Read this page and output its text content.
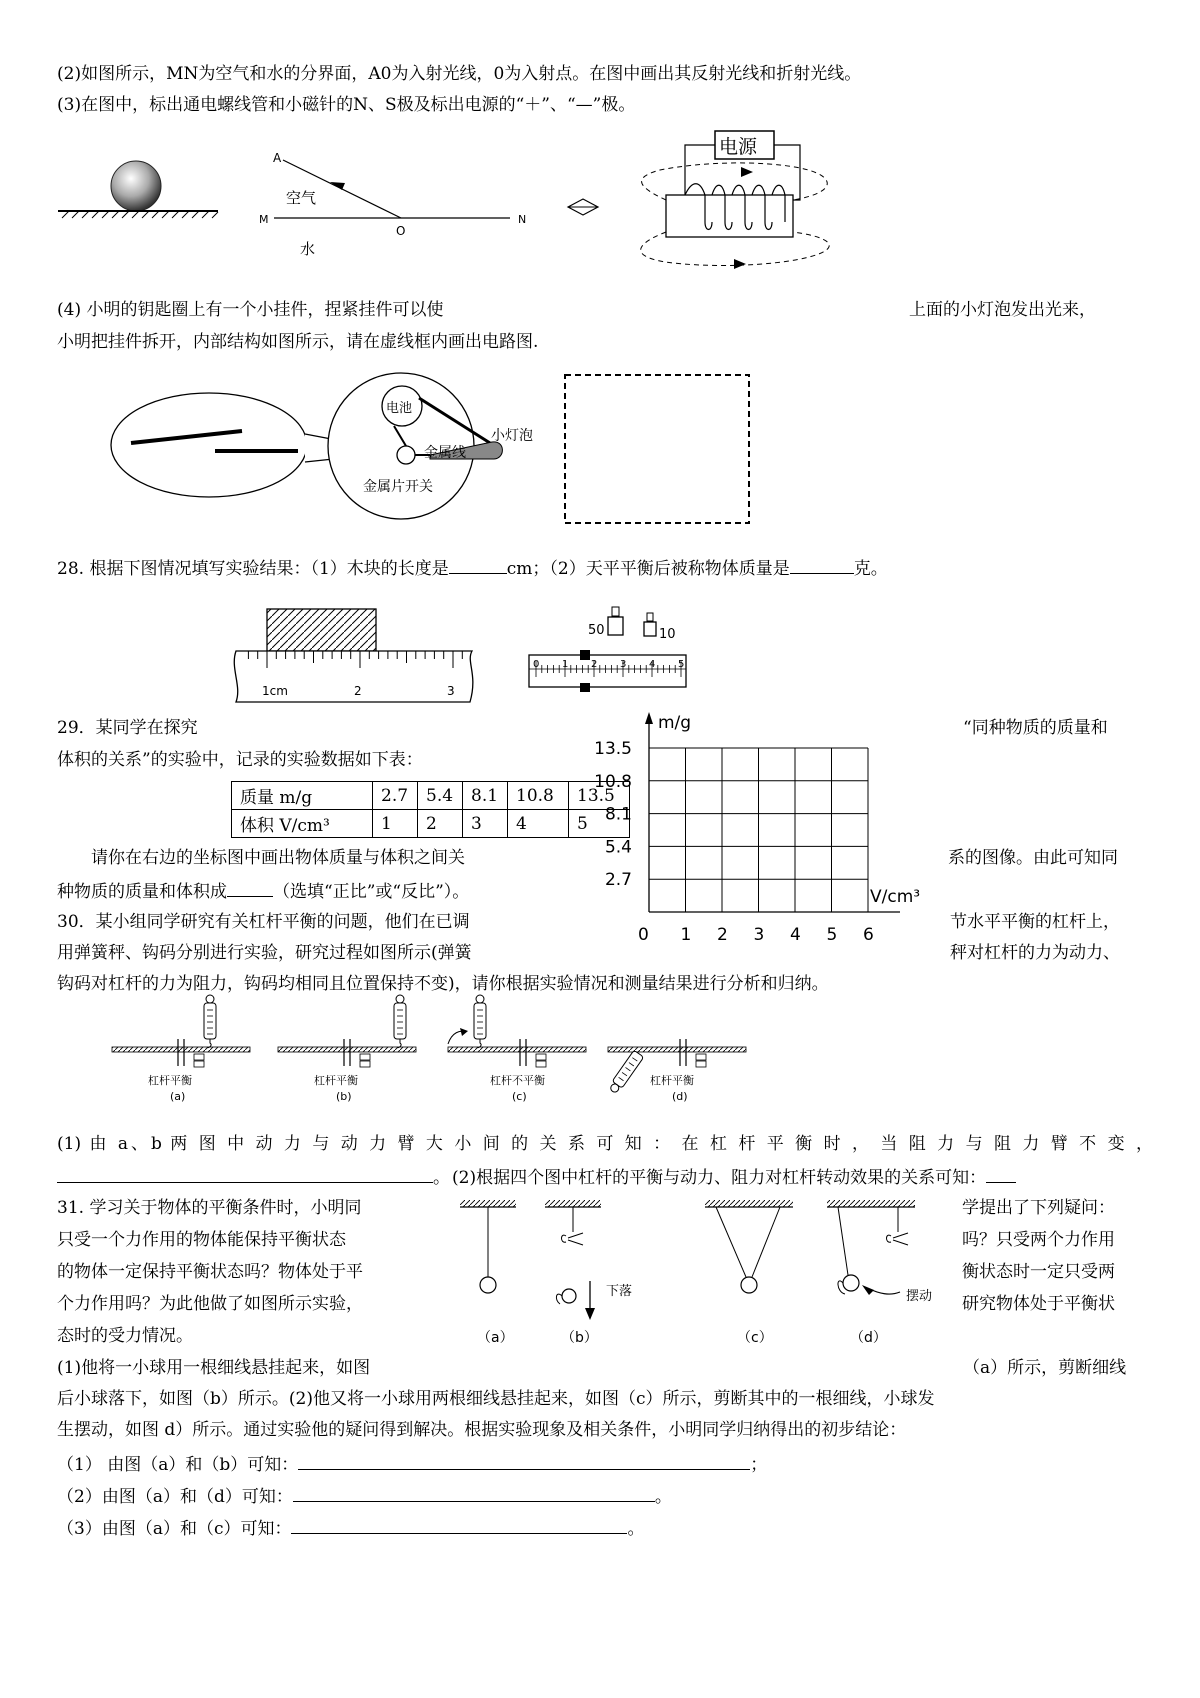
(2)如图所示，MN为空气和水的分界面，A0为入射光线，0为入射点。在图中画出其反射光线和折射光线。
(3)在图中，标出通电螺线管和小磁针的N、S极及标出电源的“＋”、“—”极。
A
M	N
O
空气
水
电源
(4) 小明的钥匙圈上有一个小挂件，捏紧挂件可以使	上面的小灯泡发出光来，
小明把挂件拆开，内部结构如图所示，请在虚线框内画出电路图.
电池
金属线
小灯泡
金属片开关
28. 根据下图情况填写实验结果：（1）木块的长度是	cm；（2）天平平衡后被称物体质量是	克。
1cm	2	3
50	10
0 1 2 3 4 5
29．某同学在探究	“同种物质的质量和
体积的关系”的实验中，记录的实验数据如下表：
质量 m/g	2.7	5.4	8.1	10.8	13.5
体积 V/cm³	1	2	3	4	5
m/g
V/cm³
0 1 2 3 4 5 6
2.7
5.4
8.1
10.8
13.5
请你在右边的坐标图中画出物体质量与体积之间关	系的图像。由此可知同
种物质的质量和体积成	（选填“正比”或“反比”）。
30．某小组同学研究有关杠杆平衡的问题，他们在已调	节水平平衡的杠杆上，
用弹簧秤、钩码分别进行实验，研究过程如图所示(弹簧	秤对杠杆的力为动力、
钩码对杠杆的力为阻力，钩码均相同且位置保持不变)，请你根据实验情况和测量结果进行分析和归纳。
杠杆平衡
(a)
杠杆平衡
(b)
杠杆不平衡
(c)
杠杆平衡
(d)
(1) 由 a、b 两 图 中 动 力 与 动 力 臂 大 小 间 的 关 系 可 知 ： 在 杠 杆 平 衡 时 ， 当 阻 力 与 阻 力 臂 不 变 ，
。 (2)根据四个图中杠杆的平衡与动力、阻力对杠杆转动效果的关系可知：
31. 学习关于物体的平衡条件时，小明同	学提出了下列疑问：
只受一个力作用的物体能保持平衡状态	吗？只受两个力作用
的物体一定保持平衡状态吗？物体处于平	衡状态时一定只受两
个力作用吗？为此他做了如图所示实验，	研究物体处于平衡状
态时的受力情况。
下落	摆动
（a）	（b）	（c）	（d）
(1)他将一小球用一根细线悬挂起来，如图	（a）所示，剪断细线
后小球落下，如图（b）所示。(2)他又将一小球用两根细线悬挂起来，如图（c）所示，剪断其中的一根细线，小球发
生摆动，如图 d）所示。通过实验他的疑问得到解决。根据实验现象及相关条件，小明同学归纳得出的初步结论：
（1） 由图（a）和（b）可知：	；
（2）由图（a）和（d）可知：	。
（3）由图（a）和（c）可知：	。
